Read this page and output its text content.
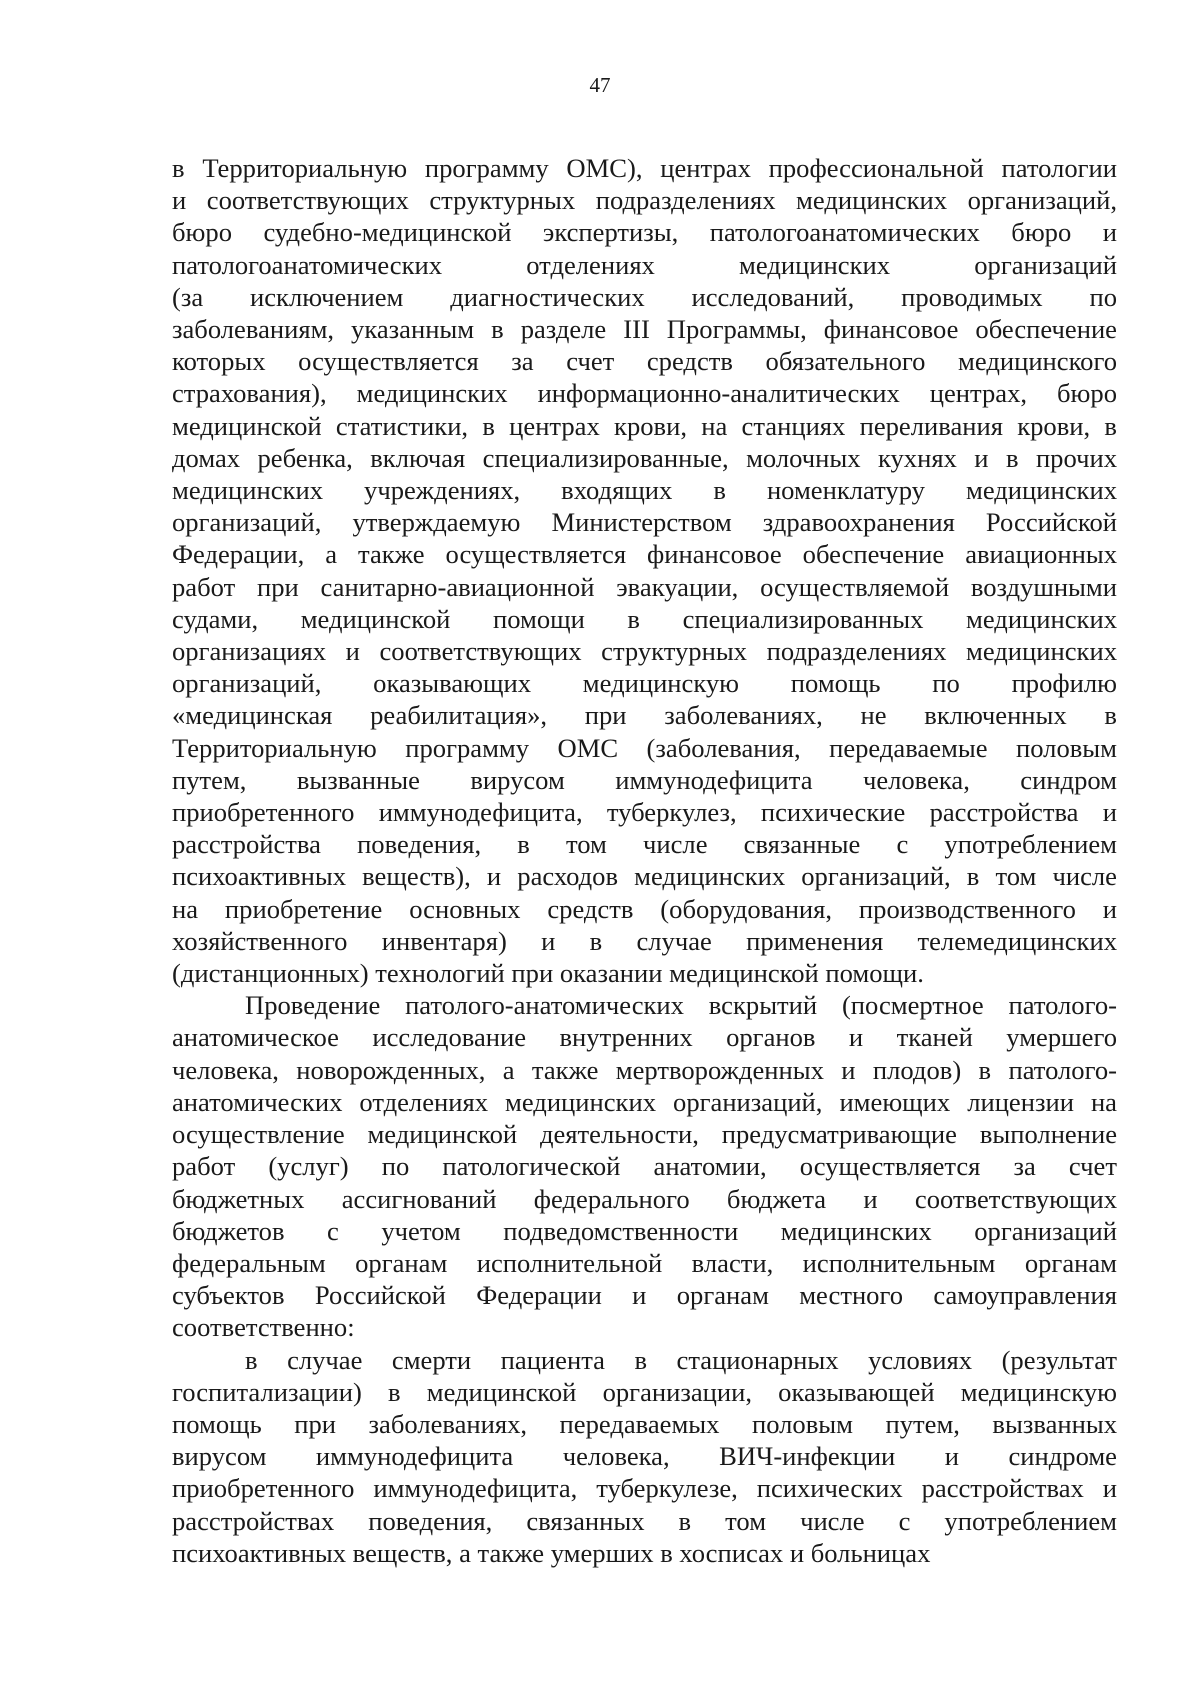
47
в Территориальную программу ОМС), центрах профессиональной патологии
и соответствующих структурных подразделениях медицинских организаций,
бюро судебно-медицинской экспертизы, патологоанатомических бюро и
патологоанатомических отделениях медицинских организаций
(за исключением диагностических исследований, проводимых по
заболеваниям, указанным в разделе III Программы, финансовое обеспечение
которых осуществляется за счет средств обязательного медицинского
страхования), медицинских информационно-аналитических центрах, бюро
медицинской статистики, в центрах крови, на станциях переливания крови, в
домах ребенка, включая специализированные, молочных кухнях и в прочих
медицинских учреждениях, входящих в номенклатуру медицинских
организаций, утверждаемую Министерством здравоохранения Российской
Федерации, а также осуществляется финансовое обеспечение авиационных
работ при санитарно-авиационной эвакуации, осуществляемой воздушными
судами, медицинской помощи в специализированных медицинских
организациях и соответствующих структурных подразделениях медицинских
организаций, оказывающих медицинскую помощь по профилю
«медицинская реабилитация», при заболеваниях, не включенных в
Территориальную программу ОМС (заболевания, передаваемые половым
путем, вызванные вирусом иммунодефицита человека, синдром
приобретенного иммунодефицита, туберкулез, психические расстройства и
расстройства поведения, в том числе связанные с употреблением
психоактивных веществ), и расходов медицинских организаций, в том числе
на приобретение основных средств (оборудования, производственного и
хозяйственного инвентаря) и в случае применения телемедицинских
(дистанционных) технологий при оказании медицинской помощи.
Проведение патолого-анатомических вскрытий (посмертное патолого-
анатомическое исследование внутренних органов и тканей умершего
человека, новорожденных, а также мертворожденных и плодов) в патолого-
анатомических отделениях медицинских организаций, имеющих лицензии на
осуществление медицинской деятельности, предусматривающие выполнение
работ (услуг) по патологической анатомии, осуществляется за счет
бюджетных ассигнований федерального бюджета и соответствующих
бюджетов с учетом подведомственности медицинских организаций
федеральным органам исполнительной власти, исполнительным органам
субъектов Российской Федерации и органам местного самоуправления
соответственно:
в случае смерти пациента в стационарных условиях (результат
госпитализации) в медицинской организации, оказывающей медицинскую
помощь при заболеваниях, передаваемых половым путем, вызванных
вирусом иммунодефицита человека, ВИЧ-инфекции и синдроме
приобретенного иммунодефицита, туберкулезе, психических расстройствах и
расстройствах поведения, связанных в том числе с употреблением
психоактивных веществ, а также умерших в хосписах и больницах
